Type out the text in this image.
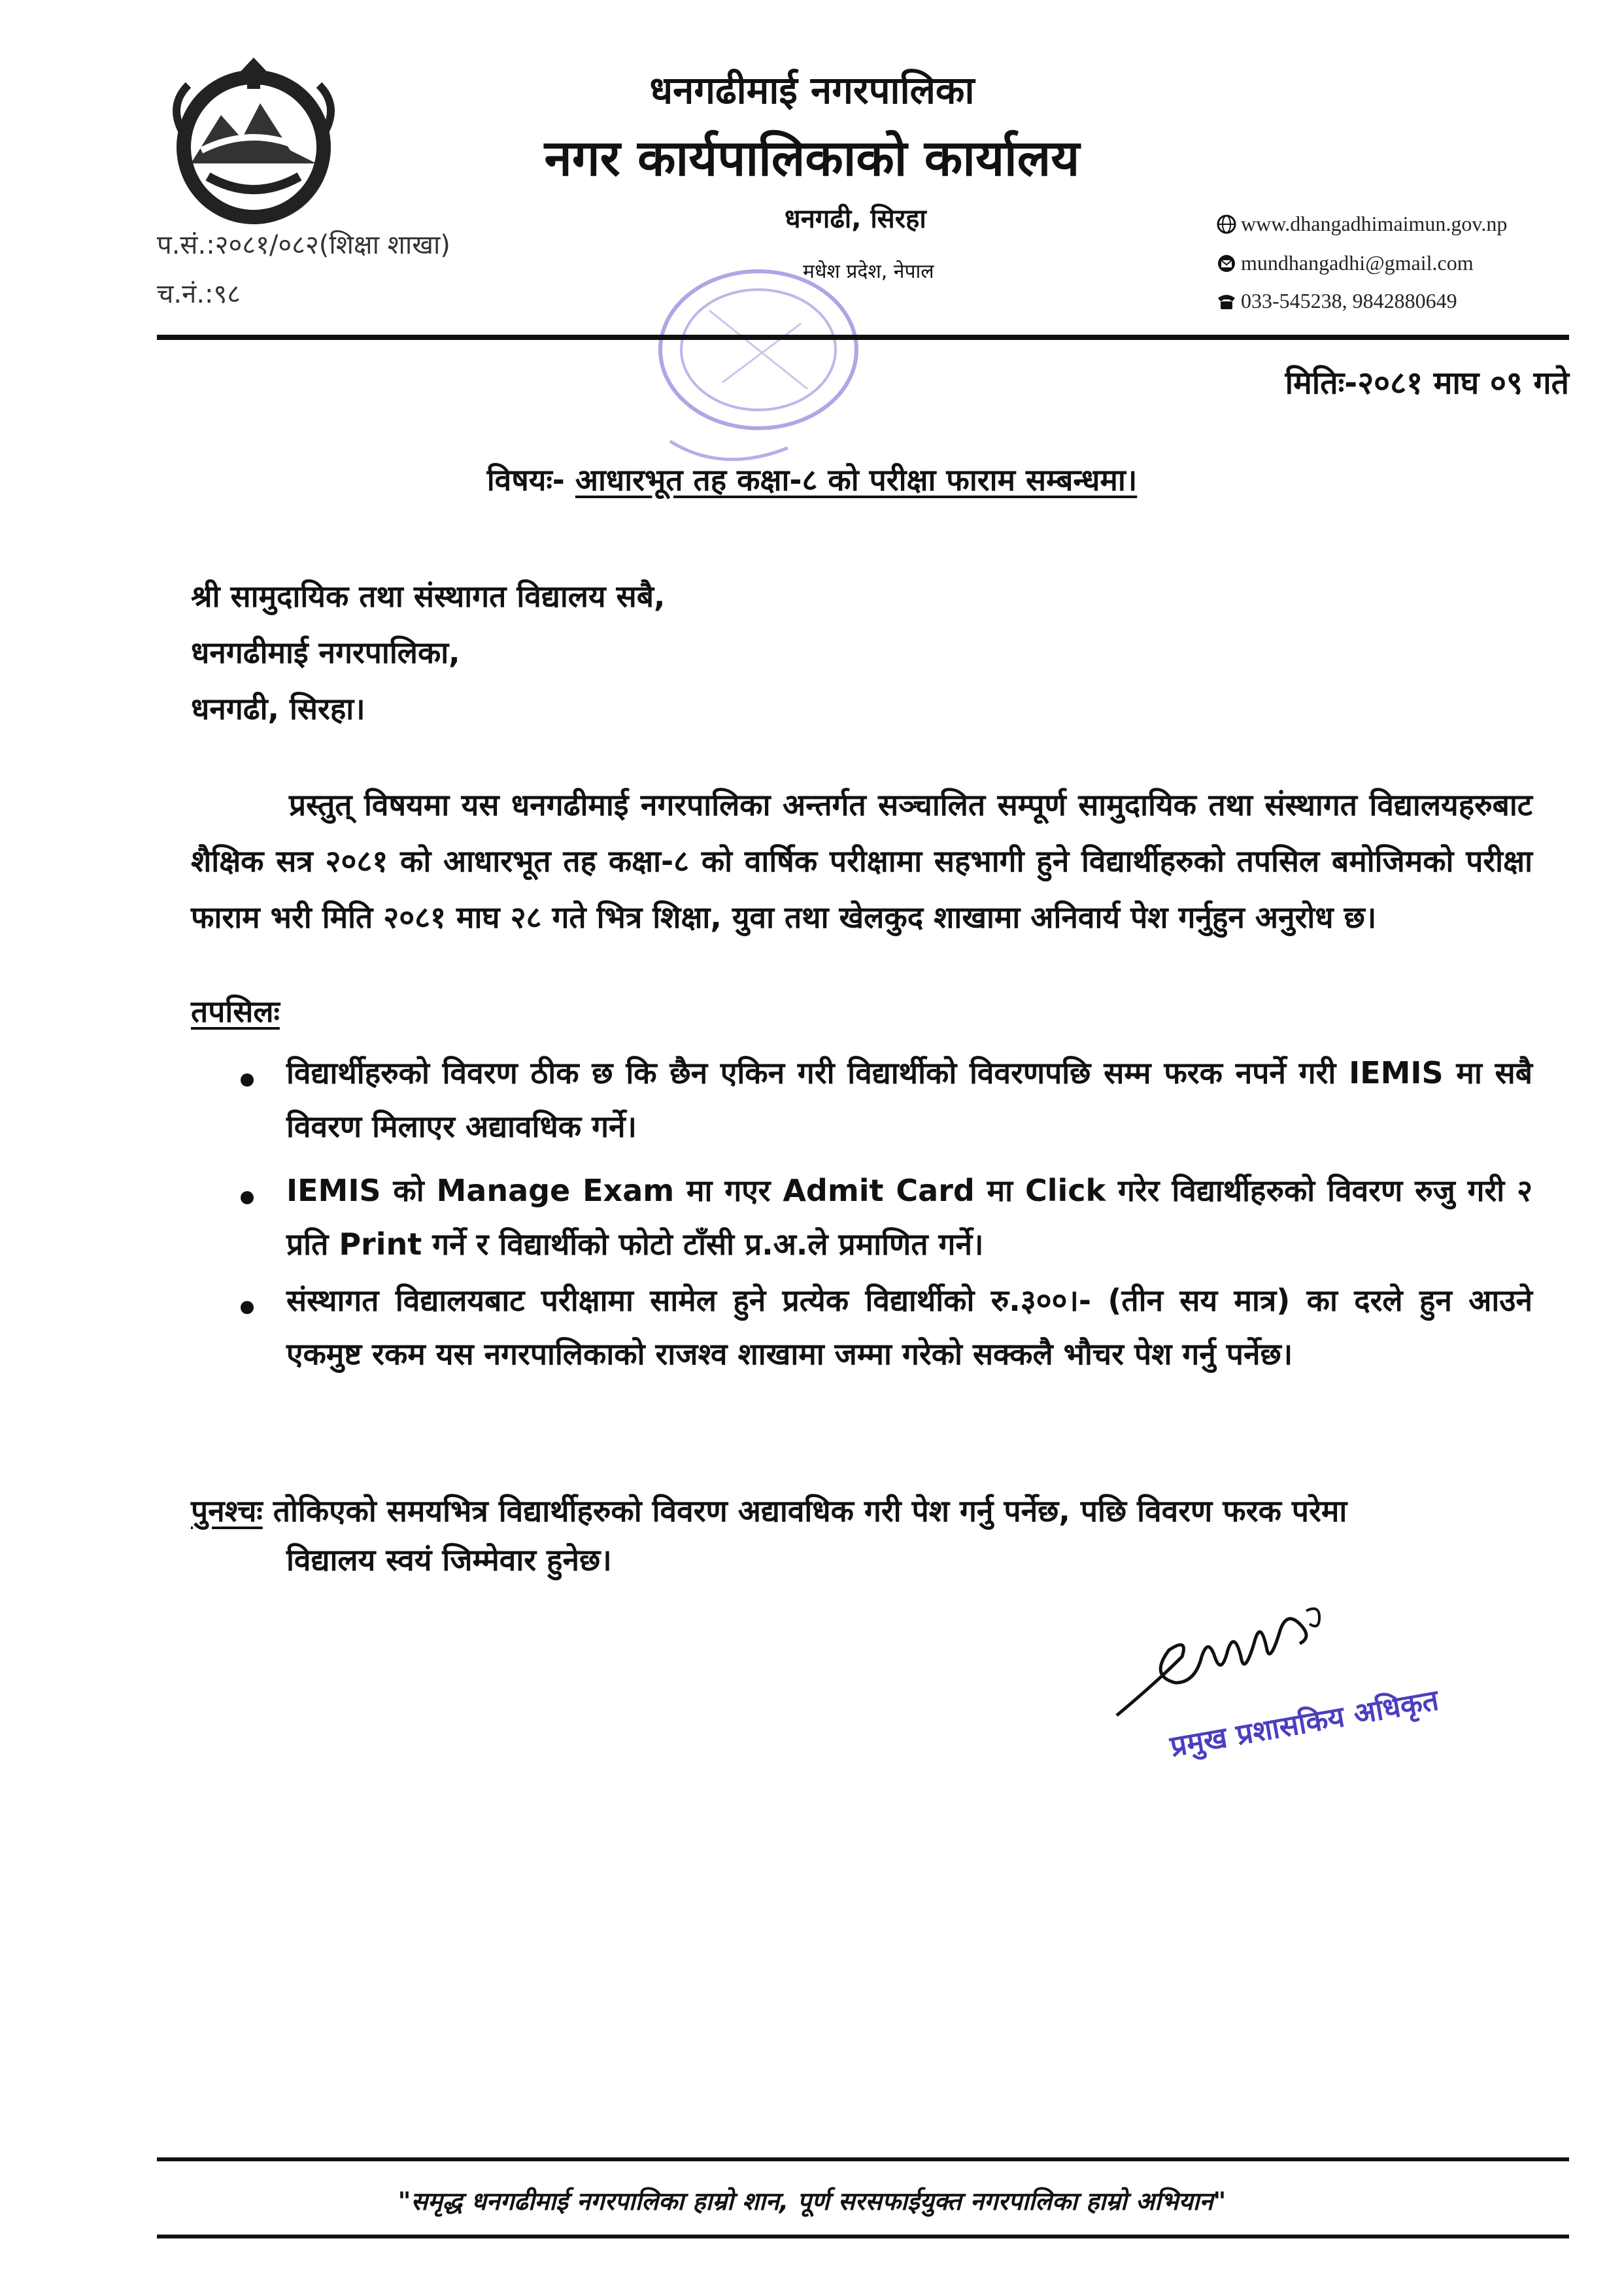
धनगढीमाई नगरपालिका
नगर कार्यपालिकाको कार्यालय
प.सं.:२०८१/०८२(शिक्षा शाखा)
च.नं.:९८
धनगढी, सिरहा
मधेश प्रदेश, नेपाल
www.dhangadhimaimun.gov.np
mundhangadhi@gmail.com
033-545238, 9842880649
मितिः-२०८१ माघ ०९ गते
विषयः- आधारभूत तह कक्षा-८ को परीक्षा फाराम सम्बन्धमा।
श्री सामुदायिक तथा संस्थागत विद्यालय सबै,
धनगढीमाई नगरपालिका,
धनगढी, सिरहा।

प्रस्तुत् विषयमा यस धनगढीमाई नगरपालिका अन्तर्गत सञ्चालित सम्पूर्ण सामुदायिक तथा संस्थागत विद्यालयहरुबाट शैक्षिक सत्र २०८१ को आधारभूत तह कक्षा-८ को वार्षिक परीक्षामा सहभागी हुने विद्यार्थीहरुको तपसिल बमोजिमको परीक्षा फाराम भरी मिति २०८१ माघ २८ गते भित्र शिक्षा, युवा तथा खेलकुद शाखामा अनिवार्य पेश गर्नुहुन अनुरोध छ।

तपसिलः

विद्यार्थीहरुको विवरण ठीक छ कि छैन एकिन गरी विद्यार्थीको विवरणपछि सम्म फरक नपर्ने गरी IEMIS मा सबै विवरण मिलाएर अद्यावधिक गर्ने।

IEMIS को Manage Exam मा गएर Admit Card मा Click गरेर विद्यार्थीहरुको विवरण रुजु गरी २ प्रति Print गर्ने र विद्यार्थीको फोटो टाँसी प्र.अ.ले प्रमाणित गर्ने।

संस्थागत विद्यालयबाट परीक्षामा सामेल हुने प्रत्येक विद्यार्थीको रु.३००।- (तीन सय मात्र) का दरले हुन आउने एकमुष्ट रकम यस नगरपालिकाको राजश्व शाखामा जम्मा गरेको सक्कलै भौचर पेश गर्नु पर्नेछ।

पुनश्चः तोकिएको समयभित्र विद्यार्थीहरुको विवरण अद्यावधिक गरी पेश गर्नु पर्नेछ, पछि विवरण फरक परेमा

विद्यालय स्वयं जिम्मेवार हुनेछ।
प्रमुख प्रशासकिय अधिकृत
"समृद्ध धनगढीमाई नगरपालिका हाम्रो शान, पूर्ण सरसफाईयुक्त नगरपालिका हाम्रो अभियान"
